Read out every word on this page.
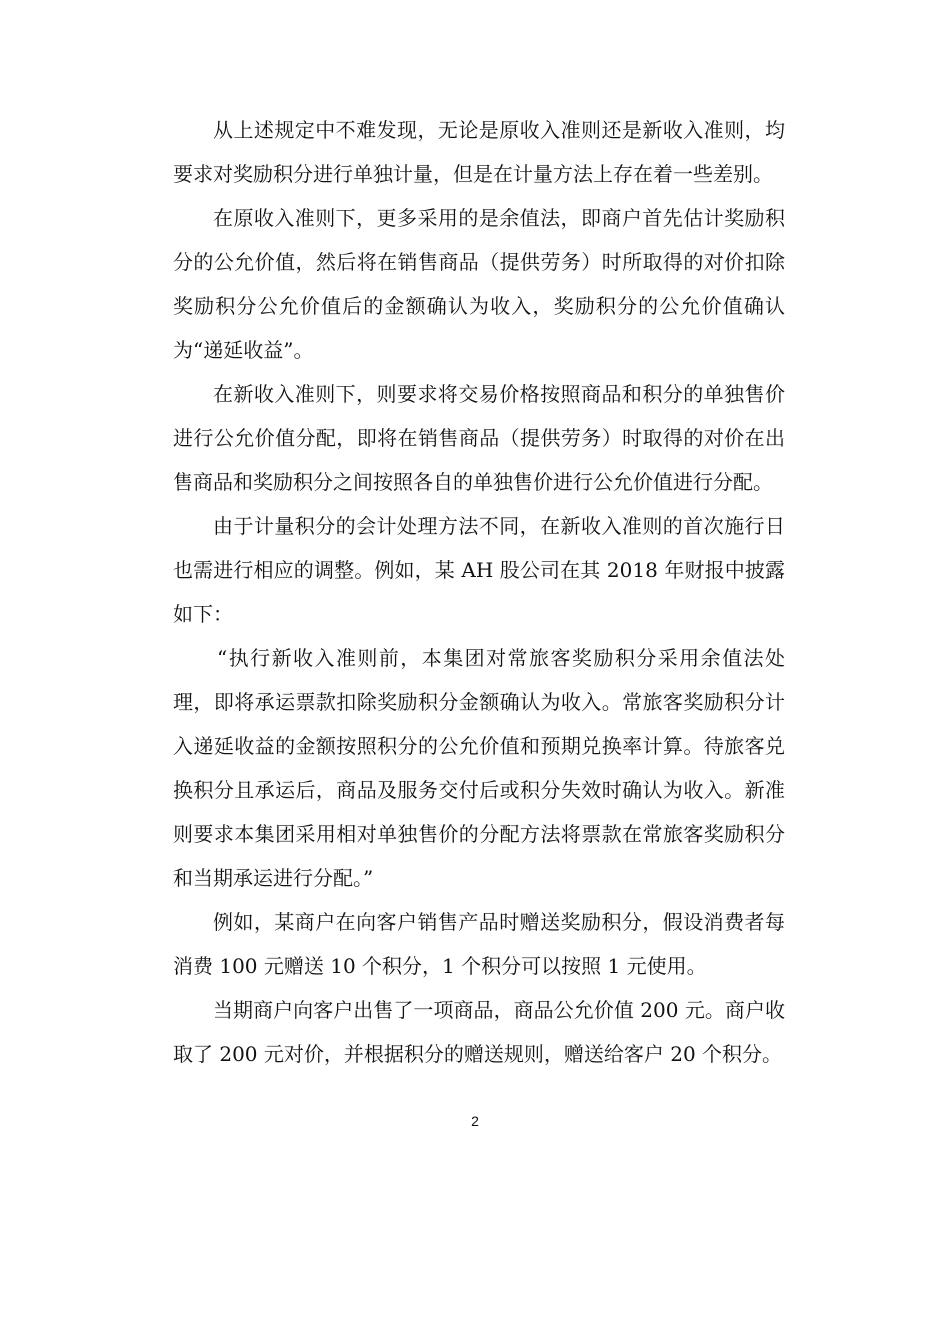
从上述规定中不难发现，无论是原收入准则还是新收入准则，均要求对奖励积分进行单独计量，但是在计量方法上存在着一些差别。

在原收入准则下，更多采用的是余值法，即商户首先估计奖励积分的公允价值，然后将在销售商品（提供劳务）时所取得的对价扣除奖励积分公允价值后的金额确认为收入，奖励积分的公允价值确认为“递延收益”。

在新收入准则下，则要求将交易价格按照商品和积分的单独售价进行公允价值分配，即将在销售商品（提供劳务）时取得的对价在出售商品和奖励积分之间按照各自的单独售价进行公允价值进行分配。

由于计量积分的会计处理方法不同，在新收入准则的首次施行日也需进行相应的调整。例如，某 AH 股公司在其 2018 年财报中披露如下：

“执行新收入准则前，本集团对常旅客奖励积分采用余值法处理，即将承运票款扣除奖励积分金额确认为收入。常旅客奖励积分计入递延收益的金额按照积分的公允价值和预期兑换率计算。待旅客兑换积分且承运后，商品及服务交付后或积分失效时确认为收入。新准则要求本集团采用相对单独售价的分配方法将票款在常旅客奖励积分和当期承运进行分配。”

例如，某商户在向客户销售产品时赠送奖励积分，假设消费者每消费 100 元赠送 10 个积分，1 个积分可以按照 1 元使用。

当期商户向客户出售了一项商品，商品公允价值 200 元。商户收取了 200 元对价，并根据积分的赠送规则，赠送给客户 20 个积分。

2
